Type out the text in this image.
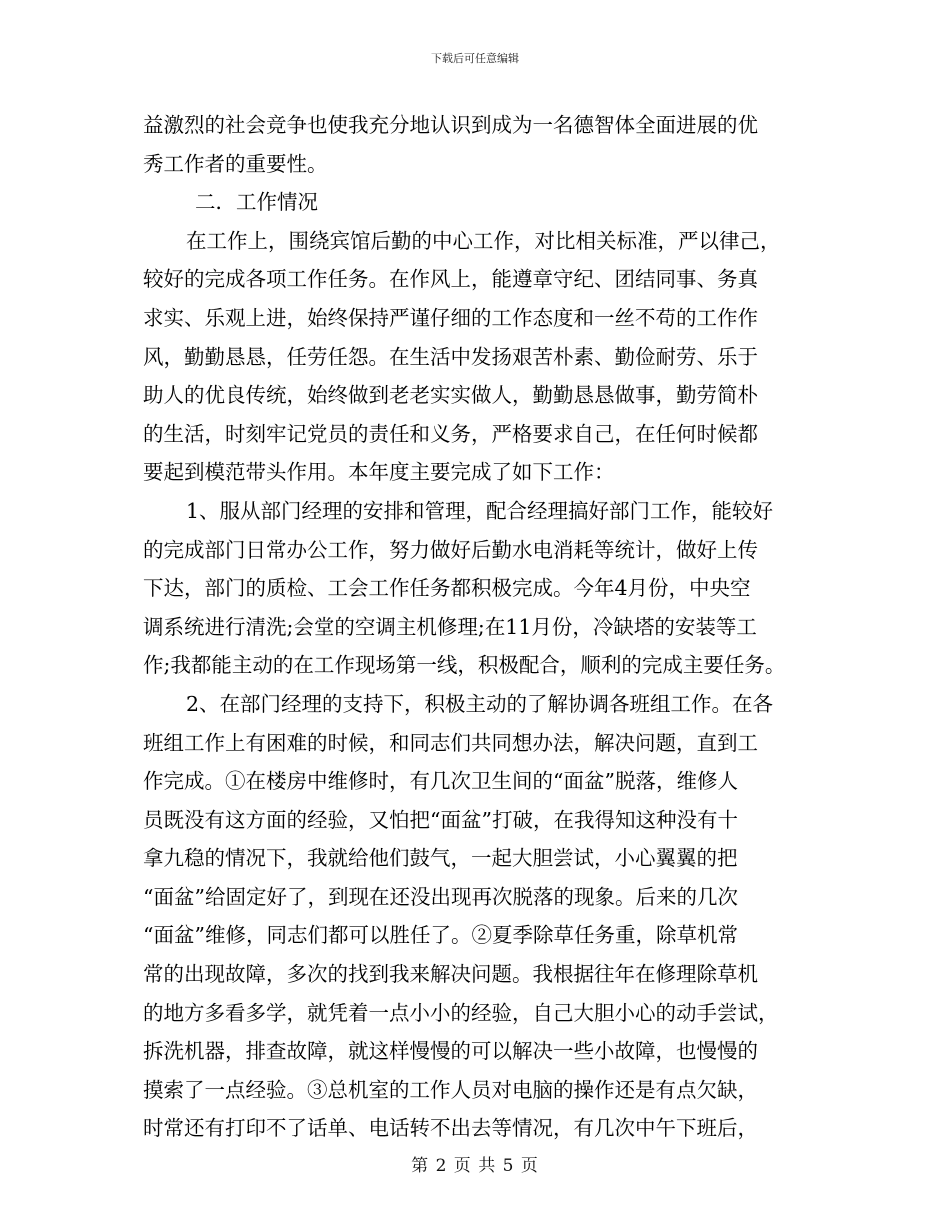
下载后可任意编辑
益激烈的社会竞争也使我充分地认识到成为一名德智体全面进展的优
秀工作者的重要性。
二．工作情况
在工作上，围绕宾馆后勤的中心工作，对比相关标准，严以律己，
较好的完成各项工作任务。在作风上，能遵章守纪、团结同事、务真
求实、乐观上进，始终保持严谨仔细的工作态度和一丝不苟的工作作
风，勤勤恳恳，任劳任怨。在生活中发扬艰苦朴素、勤俭耐劳、乐于
助人的优良传统，始终做到老老实实做人，勤勤恳恳做事，勤劳简朴
的生活，时刻牢记党员的责任和义务，严格要求自己，在任何时候都
要起到模范带头作用。本年度主要完成了如下工作：
1、服从部门经理的安排和管理，配合经理搞好部门工作，能较好
的完成部门日常办公工作，努力做好后勤水电消耗等统计，做好上传
下达，部门的质检、工会工作任务都积极完成。今年4月份，中央空
调系统进行清洗;会堂的空调主机修理;在11月份，冷缺塔的安装等工
作;我都能主动的在工作现场第一线，积极配合，顺利的完成主要任务。
2、在部门经理的支持下，积极主动的了解协调各班组工作。在各
班组工作上有困难的时候，和同志们共同想办法，解决问题，直到工
作完成。①在楼房中维修时，有几次卫生间的“面盆”脱落，维修人
员既没有这方面的经验，又怕把“面盆”打破，在我得知这种没有十
拿九稳的情况下，我就给他们鼓气，一起大胆尝试，小心翼翼的把
“面盆”给固定好了，到现在还没出现再次脱落的现象。后来的几次
“面盆”维修，同志们都可以胜任了。②夏季除草任务重，除草机常
常的出现故障，多次的找到我来解决问题。我根据往年在修理除草机
的地方多看多学，就凭着一点小小的经验，自己大胆小心的动手尝试，
拆洗机器，排查故障，就这样慢慢的可以解决一些小故障，也慢慢的
摸索了一点经验。③总机室的工作人员对电脑的操作还是有点欠缺，
时常还有打印不了话单、电话转不出去等情况，有几次中午下班后，
第 2 页 共 5 页
